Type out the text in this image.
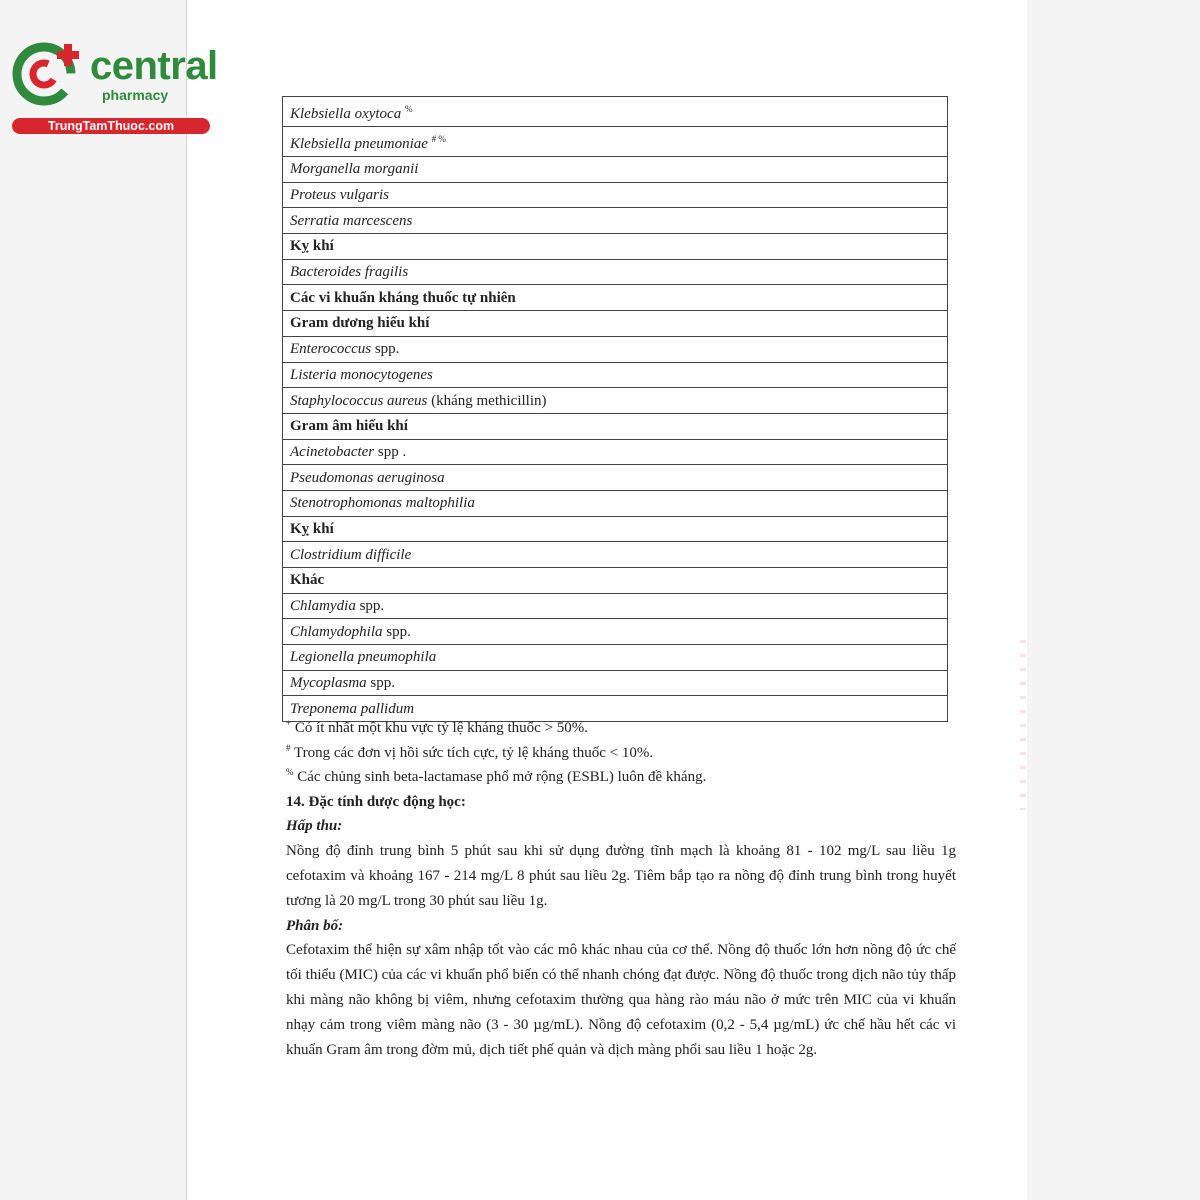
central
pharmacy
TrungTamThuoc.com
Klebsiella oxytoca %
Klebsiella pneumoniae # %
Morganella morganii
Proteus vulgaris
Serratia marcescens
Kỵ khí
Bacteroides fragilis
Các vi khuẩn kháng thuốc tự nhiên
Gram dương hiếu khí
Enterococcus spp.
Listeria monocytogenes
Staphylococcus aureus (kháng methicillin)
Gram âm hiếu khí
Acinetobacter spp .
Pseudomonas aeruginosa
Stenotrophomonas maltophilia
Kỵ khí
Clostridium difficile
Khác
Chlamydia spp.
Chlamydophila spp.
Legionella pneumophila
Mycoplasma spp.
Treponema pallidum
+ Có ít nhất một khu vực tỷ lệ kháng thuốc > 50%.
# Trong các đơn vị hồi sức tích cực, tỷ lệ kháng thuốc < 10%.
% Các chủng sinh beta-lactamase phổ mở rộng (ESBL) luôn đề kháng.
14. Đặc tính dược động học:
Hấp thu:
Nồng độ đỉnh trung bình 5 phút sau khi sử dụng đường tĩnh mạch là khoảng 81 - 102 mg/L sau liều 1g cefotaxim và khoảng 167 - 214 mg/L 8 phút sau liều 2g. Tiêm bắp tạo ra nồng độ đỉnh trung bình trong huyết tương là 20 mg/L trong 30 phút sau liều 1g.
Phân bố:
Cefotaxim thể hiện sự xâm nhập tốt vào các mô khác nhau của cơ thể. Nồng độ thuốc lớn hơn nồng độ ức chế tối thiểu (MIC) của các vi khuẩn phổ biến có thể nhanh chóng đạt được. Nồng độ thuốc trong dịch não tủy thấp khi màng não không bị viêm, nhưng cefotaxim thường qua hàng rào máu não ở mức trên MIC của vi khuẩn nhạy cảm trong viêm màng não (3 - 30 µg/mL). Nồng độ cefotaxim (0,2 - 5,4 µg/mL) ức chế hầu hết các vi khuẩn Gram âm trong đờm mủ, dịch tiết phế quản và dịch màng phổi sau liều 1 hoặc 2g.
